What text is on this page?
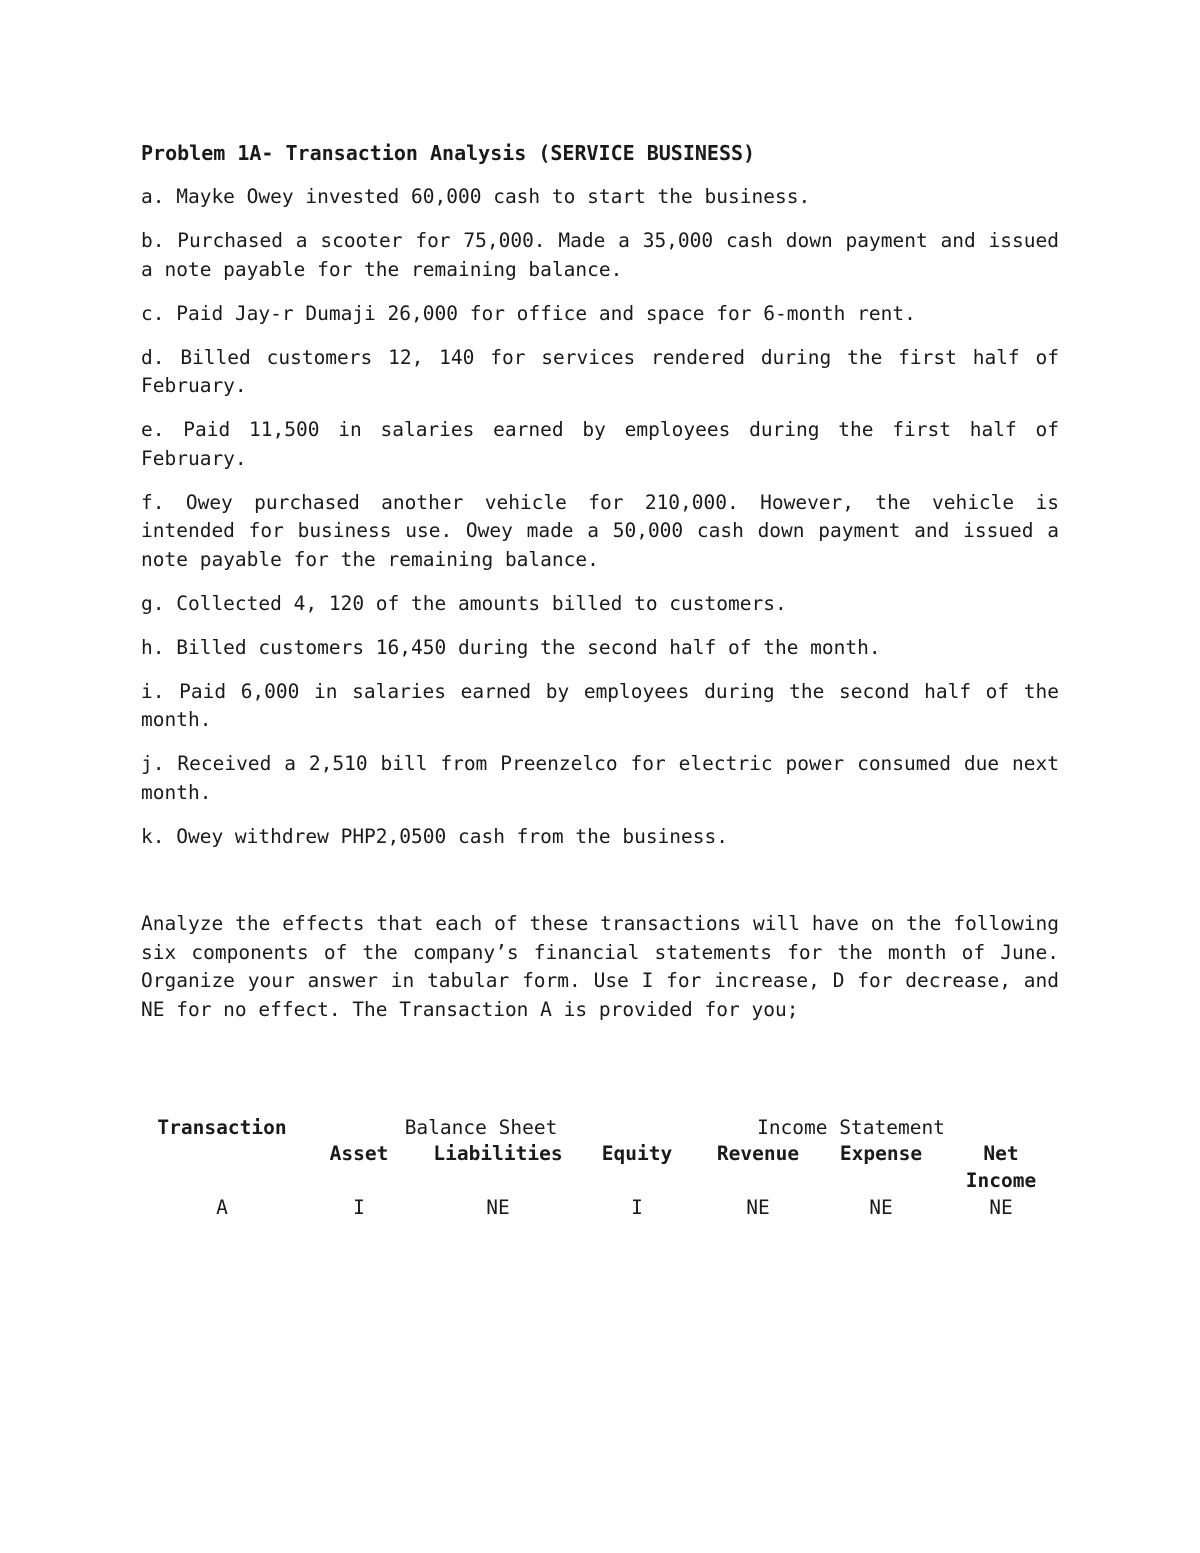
Problem 1A- Transaction Analysis (SERVICE BUSINESS)
a. Mayke Owey invested 60,000 cash to start the business.
b. Purchased a scooter for 75,000. Made a 35,000 cash down payment and issued a note payable for the remaining balance.
c. Paid Jay-r Dumaji 26,000 for office and space for 6-month rent.
d. Billed customers 12, 140 for services rendered during the first half of February.
e. Paid 11,500 in salaries earned by employees during the first half of February.
f. Owey purchased another vehicle for 210,000. However, the vehicle is intended for business use. Owey made a 50,000 cash down payment and issued a note payable for the remaining balance.
g. Collected 4, 120 of the amounts billed to customers.
h. Billed customers 16,450 during the second half of the month.
i. Paid 6,000 in salaries earned by employees during the second half of the month.
j. Received a 2,510 bill from Preenzelco for electric power consumed due next month.
k. Owey withdrew PHP2,0500 cash from the business.
Analyze the effects that each of these transactions will have on the following six components of the company’s financial statements for the month of June. Organize your answer in tabular form. Use I for increase, D for decrease, and NE for no effect. The Transaction A is provided for you;
Transaction	Balance Sheet	Income Statement
Asset	Liabilities	Equity	Revenue	Expense	Net
Income
A	I	NE	I	NE	NE	NE
